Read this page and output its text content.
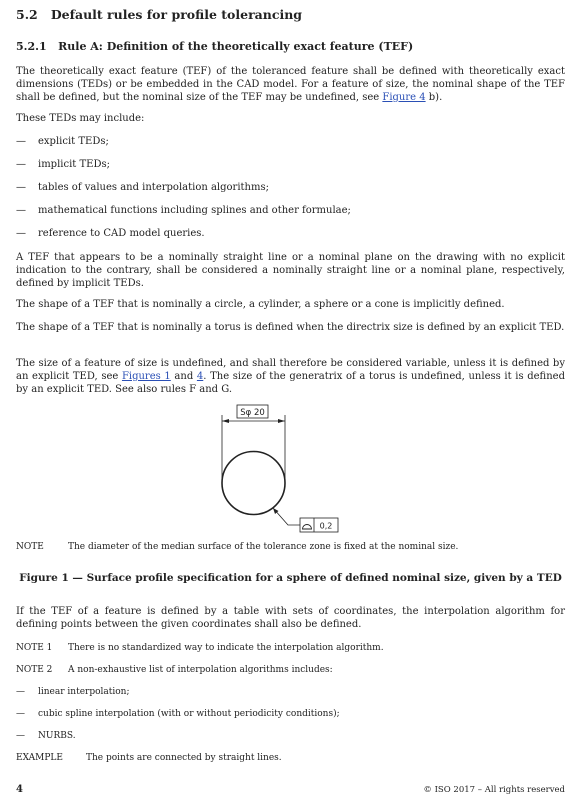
5.2 Default rules for profile tolerancing
5.2.1 Rule A: Definition of the theoretically exact feature (TEF)

The theoretically exact feature (TEF) of the toleranced feature shall be defined with theoretically exact dimensions (TEDs) or be embedded in the CAD model. For a feature of size, the nominal shape of the TEF shall be defined, but the nominal size of the TEF may be undefined, see Figure 4 b).

These TEDs may include:

— explicit TEDs;
— implicit TEDs;
— tables of values and interpolation algorithms;
— mathematical functions including splines and other formulae;
— reference to CAD model queries.

A TEF that appears to be a nominally straight line or a nominal plane on the drawing with no explicit indication to the contrary, shall be considered a nominally straight line or a nominal plane, respectively, defined by implicit TEDs.

The shape of a TEF that is nominally a circle, a cylinder, a sphere or a cone is implicitly defined.

The shape of a TEF that is nominally a torus is defined when the directrix size is defined by an explicit TED.

The size of a feature of size is undefined, and shall therefore be considered variable, unless it is defined by an explicit TED, see Figures 1 and 4. The size of the generatrix of a torus is undefined, unless it is defined by an explicit TED. See also rules F and G.

Sφ 20
0,2
NOTE	The diameter of the median surface of the tolerance zone is fixed at the nominal size.
Figure 1 — Surface profile specification for a sphere of defined nominal size, given by a TED

If the TEF of a feature is defined by a table with sets of coordinates, the interpolation algorithm for defining points between the given coordinates shall also be defined.

NOTE 1 There is no standardized way to indicate the interpolation algorithm.
NOTE 2 A non-exhaustive list of interpolation algorithms includes:
— linear interpolation;
— cubic spline interpolation (with or without periodicity conditions);
— NURBS.
EXAMPLE	The points are connected by straight lines.
4	© ISO 2017 – All rights reserved
